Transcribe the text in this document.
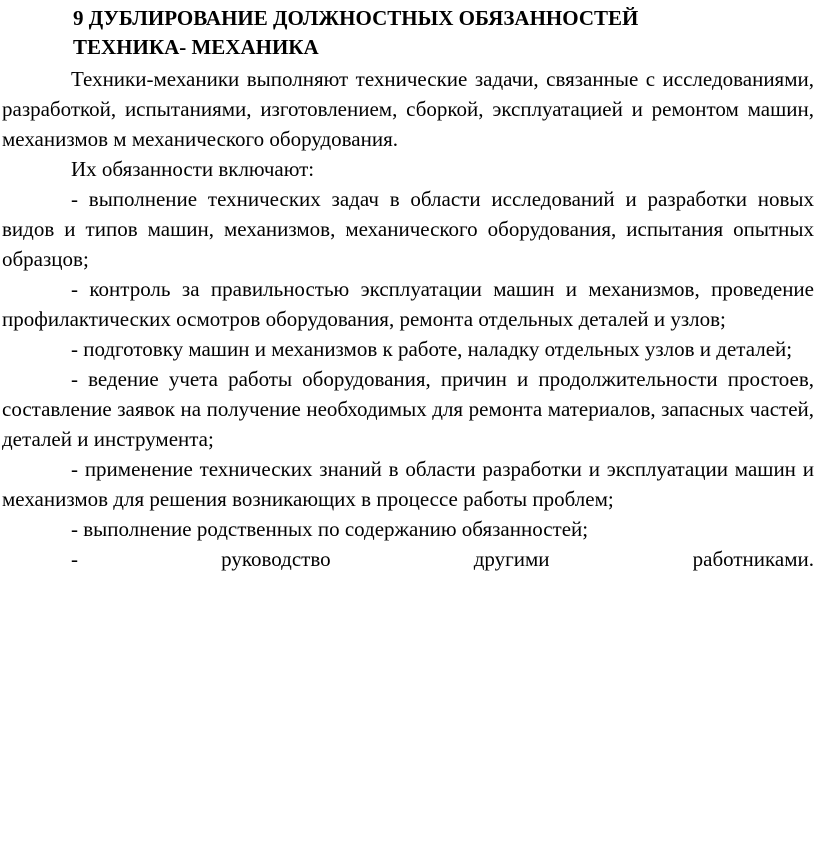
9 ДУБЛИРОВАНИЕ ДОЛЖНОСТНЫХ ОБЯЗАННОСТЕЙ
ТЕХНИКА- МЕХАНИКА

Техники-механики выполняют технические задачи, связанные с исследованиями, разработкой, испытаниями, изготовлением, сборкой, эксплуатацией и ремонтом машин, механизмов м механического оборудования.

Их обязанности включают:

- выполнение технических задач в области исследований и разработки новых видов и типов машин, механизмов, механического оборудования, испытания опытных образцов;

- контроль за правильностью эксплуатации машин и механизмов, проведение профилактических осмотров оборудования, ремонта отдельных деталей и узлов;

- подготовку машин и механизмов к работе, наладку отдельных узлов и деталей;

- ведение учета работы оборудования, причин и продолжительности простоев, составление заявок на получение необходимых для ремонта материалов, запасных частей, деталей и инструмента;

- применение технических знаний в области разработки и эксплуатации машин и механизмов для решения возникающих в процессе работы проблем;

- выполнение родственных по содержанию обязанностей;

- руководство другими работниками.
